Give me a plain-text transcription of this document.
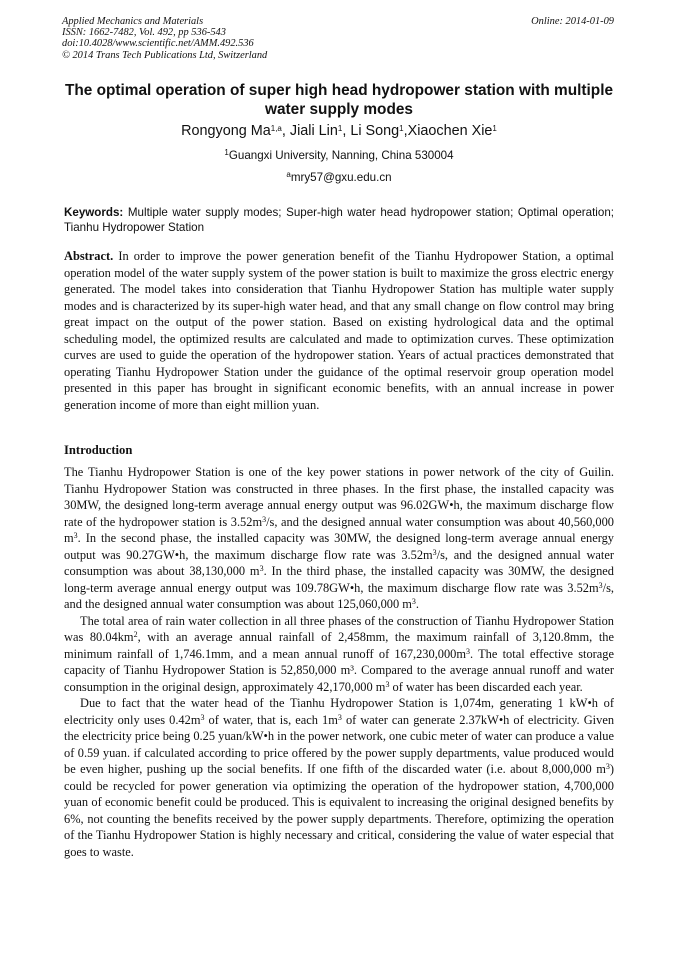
Applied Mechanics and Materials
ISSN: 1662-7482, Vol. 492, pp 536-543
doi:10.4028/www.scientific.net/AMM.492.536
© 2014 Trans Tech Publications Ltd, Switzerland
Online: 2014-01-09
The optimal operation of super high head hydropower station with multiple water supply modes
Rongyong Ma$^{1,a}$, Jiali Lin$^1$, Li Song$^1$,Xiaochen Xie$^1$
$^1$Guangxi University, Nanning, China 530004
$^a$mry57@gxu.edu.cn
Keywords: Multiple water supply modes; Super-high water head hydropower station; Optimal operation; Tianhu Hydropower Station
Abstract. In order to improve the power generation benefit of the Tianhu Hydropower Station, a optimal operation model of the water supply system of the power station is built to maximize the gross electric energy generated. The model takes into consideration that Tianhu Hydropower Station has multiple water supply modes and is characterized by its super-high water head, and that any small change on flow control may bring great impact on the output of the power station. Based on existing hydrological data and the optimal scheduling model, the optimized results are calculated and made to optimization curves. These optimization curves are used to guide the operation of the hydropower station. Years of actual practices demonstrated that operating Tianhu Hydropower Station under the guidance of the optimal reservoir group operation model presented in this paper has brought in significant economic benefits, with an annual increase in power generation income of more than eight million yuan.
Introduction

The Tianhu Hydropower Station is one of the key power stations in power network of the city of Guilin. Tianhu Hydropower Station was constructed in three phases. In the first phase, the installed capacity was 30MW, the designed long-term average annual energy output was 96.02GW•h, the maximum discharge flow rate of the hydropower station is $3.52m^3/s$, and the designed annual water consumption was about 40,560,000 $m^3$. In the second phase, the installed capacity was 30MW, the designed long-term average annual energy output was 90.27GW•h, the maximum discharge flow rate was $3.52m^3/s$, and the designed annual water consumption was about 38,130,000 $m^3$. In the third phase, the installed capacity was 30MW, the designed long-term average annual energy output was 109.78GW•h, the maximum discharge flow rate was $3.52m^3/s$, and the designed annual water consumption was about 125,060,000 $m^3$.

The total area of rain water collection in all three phases of the construction of Tianhu Hydropower Station was $80.04km^2$, with an average annual rainfall of 2,458mm, the maximum rainfall of 3,120.8mm, the minimum rainfall of 1,746.1mm, and a mean annual runoff of $167,230,000m^3$. The total effective storage capacity of Tianhu Hydropower Station is 52,850,000 m³. Compared to the average annual runoff and water consumption in the original design, approximately 42,170,000 $m^3$ of water has been discarded each year.

Due to fact that the water head of the Tianhu Hydropower Station is 1,074m, generating 1 kW•h of electricity only uses $0.42m^3$ of water, that is, each $1m^3$ of water can generate 2.37kW•h of electricity. Given the electricity price being 0.25 yuan/kW•h in the power network, one cubic meter of water can produce a value of 0.59 yuan. if calculated according to price offered by the power supply departments, value produced would be even higher, pushing up the social benefits. If one fifth of the discarded water (i.e. about 8,000,000 $m^3$) could be recycled for power generation via optimizing the operation of the hydropower station, 4,700,000 yuan of economic benefit could be produced. This is equivalent to increasing the original designed benefits by 6%, not counting the benefits received by the power supply departments. Therefore, optimizing the operation of the Tianhu Hydropower Station is highly necessary and critical, considering the value of water especial that goes to waste.
